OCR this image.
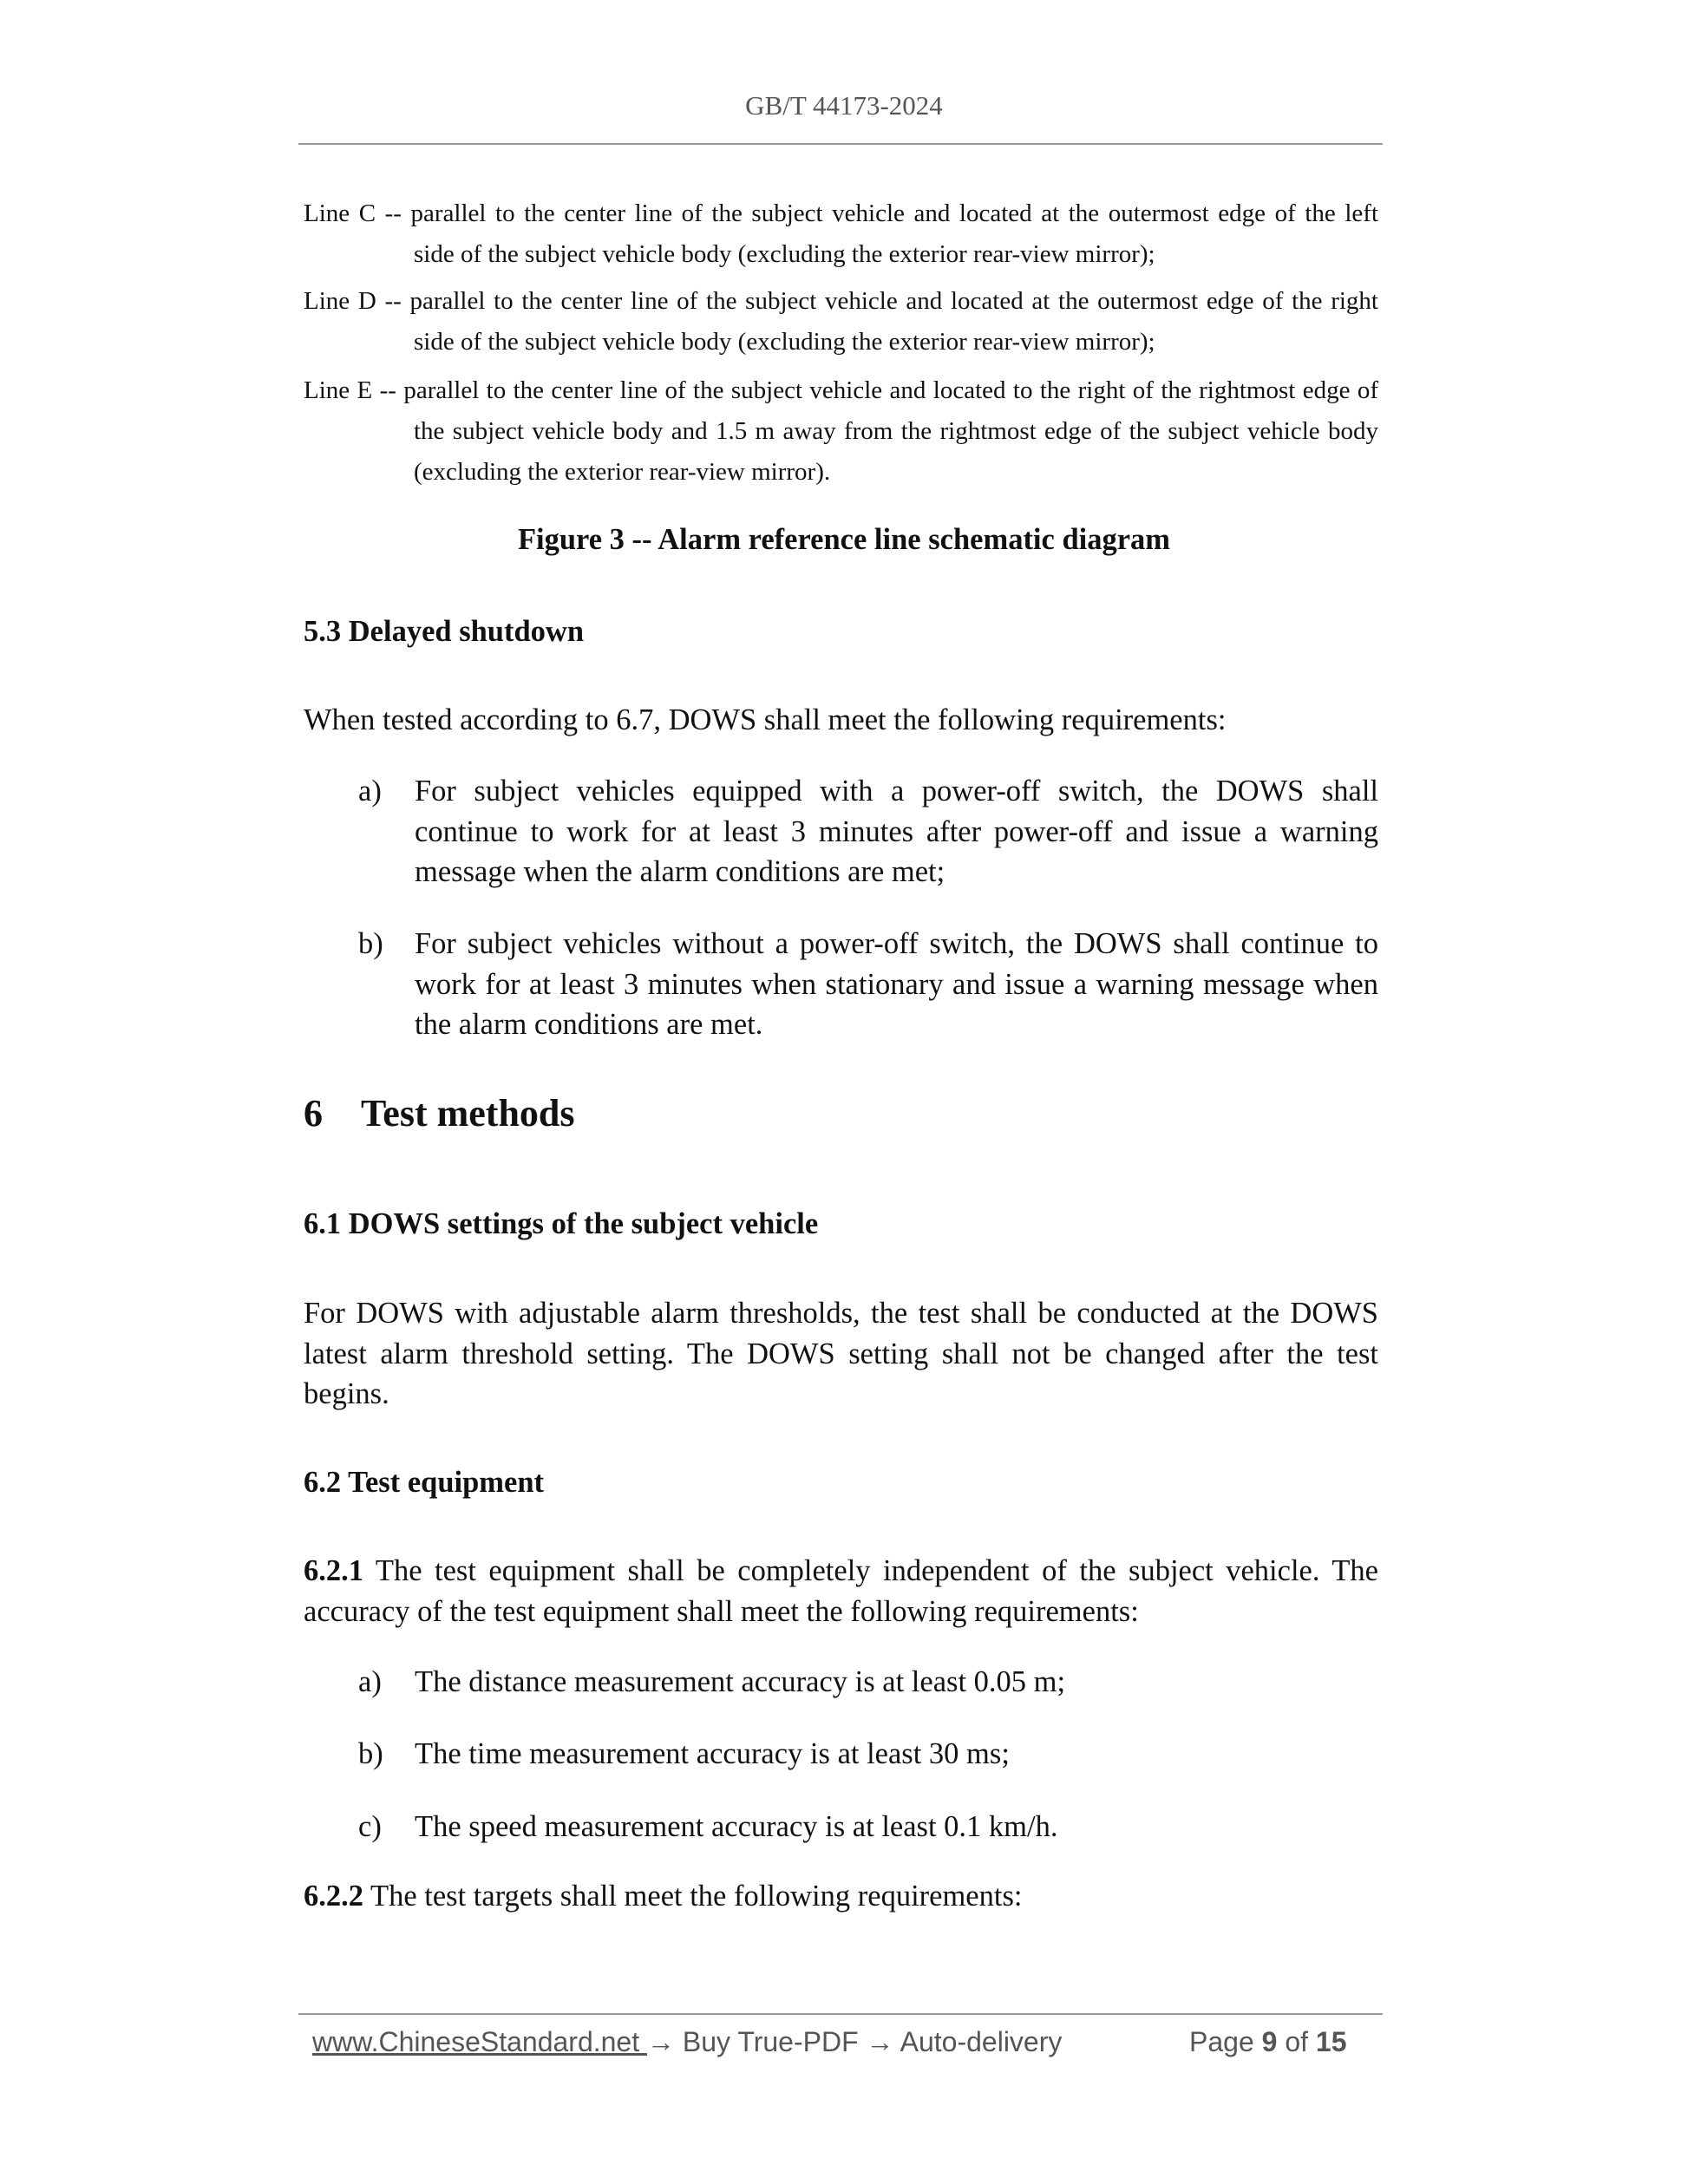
GB/T 44173-2024
Line C -- parallel to the center line of the subject vehicle and located at the outermost edge of the left
side of the subject vehicle body (excluding the exterior rear-view mirror);
Line D -- parallel to the center line of the subject vehicle and located at the outermost edge of the right
side of the subject vehicle body (excluding the exterior rear-view mirror);
Line E -- parallel to the center line of the subject vehicle and located to the right of the rightmost edge of
the subject vehicle body and 1.5 m away from the rightmost edge of the subject vehicle body
(excluding the exterior rear-view mirror).
Figure 3 -- Alarm reference line schematic diagram
5.3 Delayed shutdown
When tested according to 6.7, DOWS shall meet the following requirements:
a)	For subject vehicles equipped with a power-off switch, the DOWS shall
continue to work for at least 3 minutes after power-off and issue a warning
message when the alarm conditions are met;
b)	For subject vehicles without a power-off switch, the DOWS shall continue to
work for at least 3 minutes when stationary and issue a warning message when
the alarm conditions are met.
6 Test methods
6.1 DOWS settings of the subject vehicle
For DOWS with adjustable alarm thresholds, the test shall be conducted at the DOWS
latest alarm threshold setting. The DOWS setting shall not be changed after the test
begins.
6.2 Test equipment
6.2.1 The test equipment shall be completely independent of the subject vehicle. The
accuracy of the test equipment shall meet the following requirements:
a)	The distance measurement accuracy is at least 0.05 m;
b)	The time measurement accuracy is at least 30 ms;
c)	The speed measurement accuracy is at least 0.1 km/h.
6.2.2 The test targets shall meet the following requirements:
www.ChineseStandard.net → Buy True-PDF → Auto-delivery	Page 9 of 15
